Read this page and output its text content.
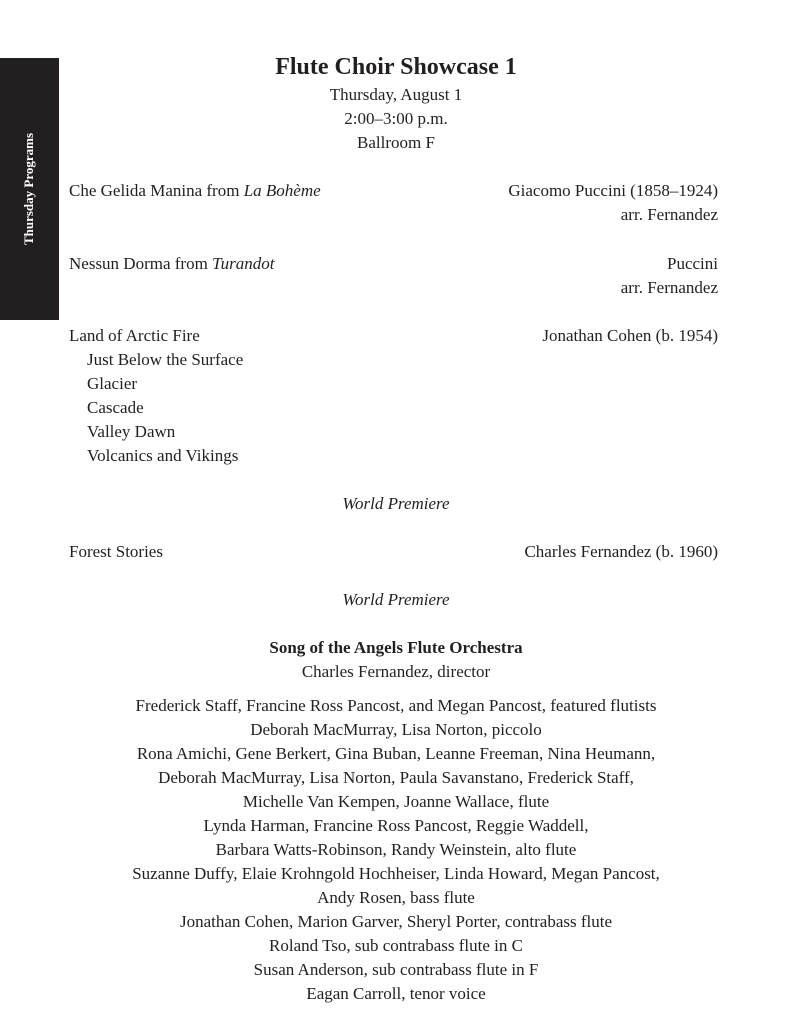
Thursday Programs
Flute Choir Showcase 1
Thursday, August 1
2:00–3:00 p.m.
Ballroom F
Che Gelida Manina from La Bohème	Giacomo Puccini (1858–1924)
arr. Fernandez
Nessun Dorma from Turandot	Puccini
arr. Fernandez
Land of Arctic Fire	Jonathan Cohen (b. 1954)
Just Below the Surface
Glacier
Cascade
Valley Dawn
Volcanics and Vikings
World Premiere
Forest Stories	Charles Fernandez (b. 1960)
World Premiere
Song of the Angels Flute Orchestra
Charles Fernandez, director
Frederick Staff, Francine Ross Pancost, and Megan Pancost, featured flutists
Deborah MacMurray, Lisa Norton, piccolo
Rona Amichi, Gene Berkert, Gina Buban, Leanne Freeman, Nina Heumann,
Deborah MacMurray, Lisa Norton, Paula Savanstano, Frederick Staff,
Michelle Van Kempen, Joanne Wallace, flute
Lynda Harman, Francine Ross Pancost, Reggie Waddell,
Barbara Watts-Robinson, Randy Weinstein, alto flute
Suzanne Duffy, Elaie Krohngold Hochheiser, Linda Howard, Megan Pancost,
Andy Rosen, bass flute
Jonathan Cohen, Marion Garver, Sheryl Porter, contrabass flute
Roland Tso, sub contrabass flute in C
Susan Anderson, sub contrabass flute in F
Eagan Carroll, tenor voice
